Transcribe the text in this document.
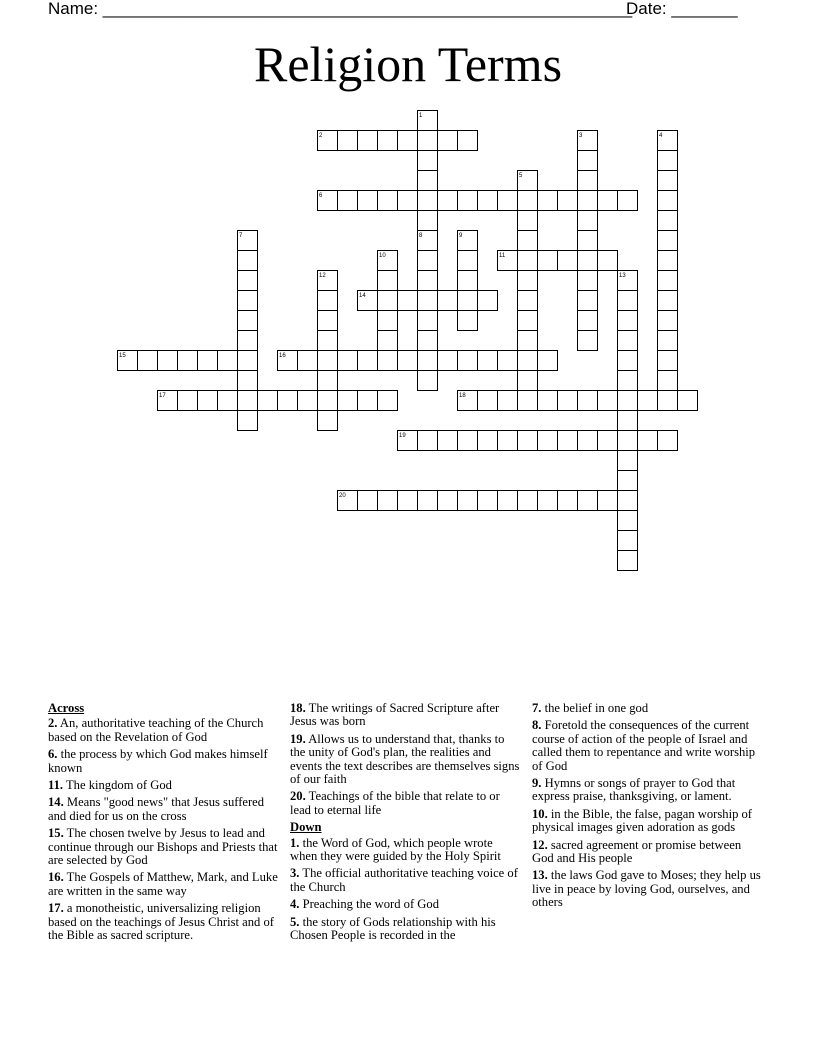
Name: ________________________________________________________
Date: _______
Religion Terms
1
2	3	4
5
6
7	8	9
10	11
12	13
14
15	16
17	18
19
20
Across
2. An, authoritative teaching of the Church based on the Revelation of God
6. the process by which God makes himself known
11. The kingdom of God
14. Means "good news" that Jesus suffered and died for us on the cross
15. The chosen twelve by Jesus to lead and continue through our Bishops and Priests that are selected by God
16. The Gospels of Matthew, Mark, and Luke are written in the same way
17. a monotheistic, universalizing religion based on the teachings of Jesus Christ and of the Bible as sacred scripture.
18. The writings of Sacred Scripture after Jesus was born
19. Allows us to understand that, thanks to the unity of God's plan, the realities and events the text describes are themselves signs of our faith
20. Teachings of the bible that relate to or lead to eternal life
Down
1. the Word of God, which people wrote when they were guided by the Holy Spirit
3. The official authoritative teaching voice of the Church
4. Preaching the word of God
5. the story of Gods relationship with his Chosen People is recorded in the
7. the belief in one god
8. Foretold the consequences of the current course of action of the people of Israel and called them to repentance and write worship of God
9. Hymns or songs of prayer to God that express praise, thanksgiving, or lament.
10. in the Bible, the false, pagan worship of physical images given adoration as gods
12. sacred agreement or promise between God and His people
13. the laws God gave to Moses; they help us live in peace by loving God, ourselves, and others
